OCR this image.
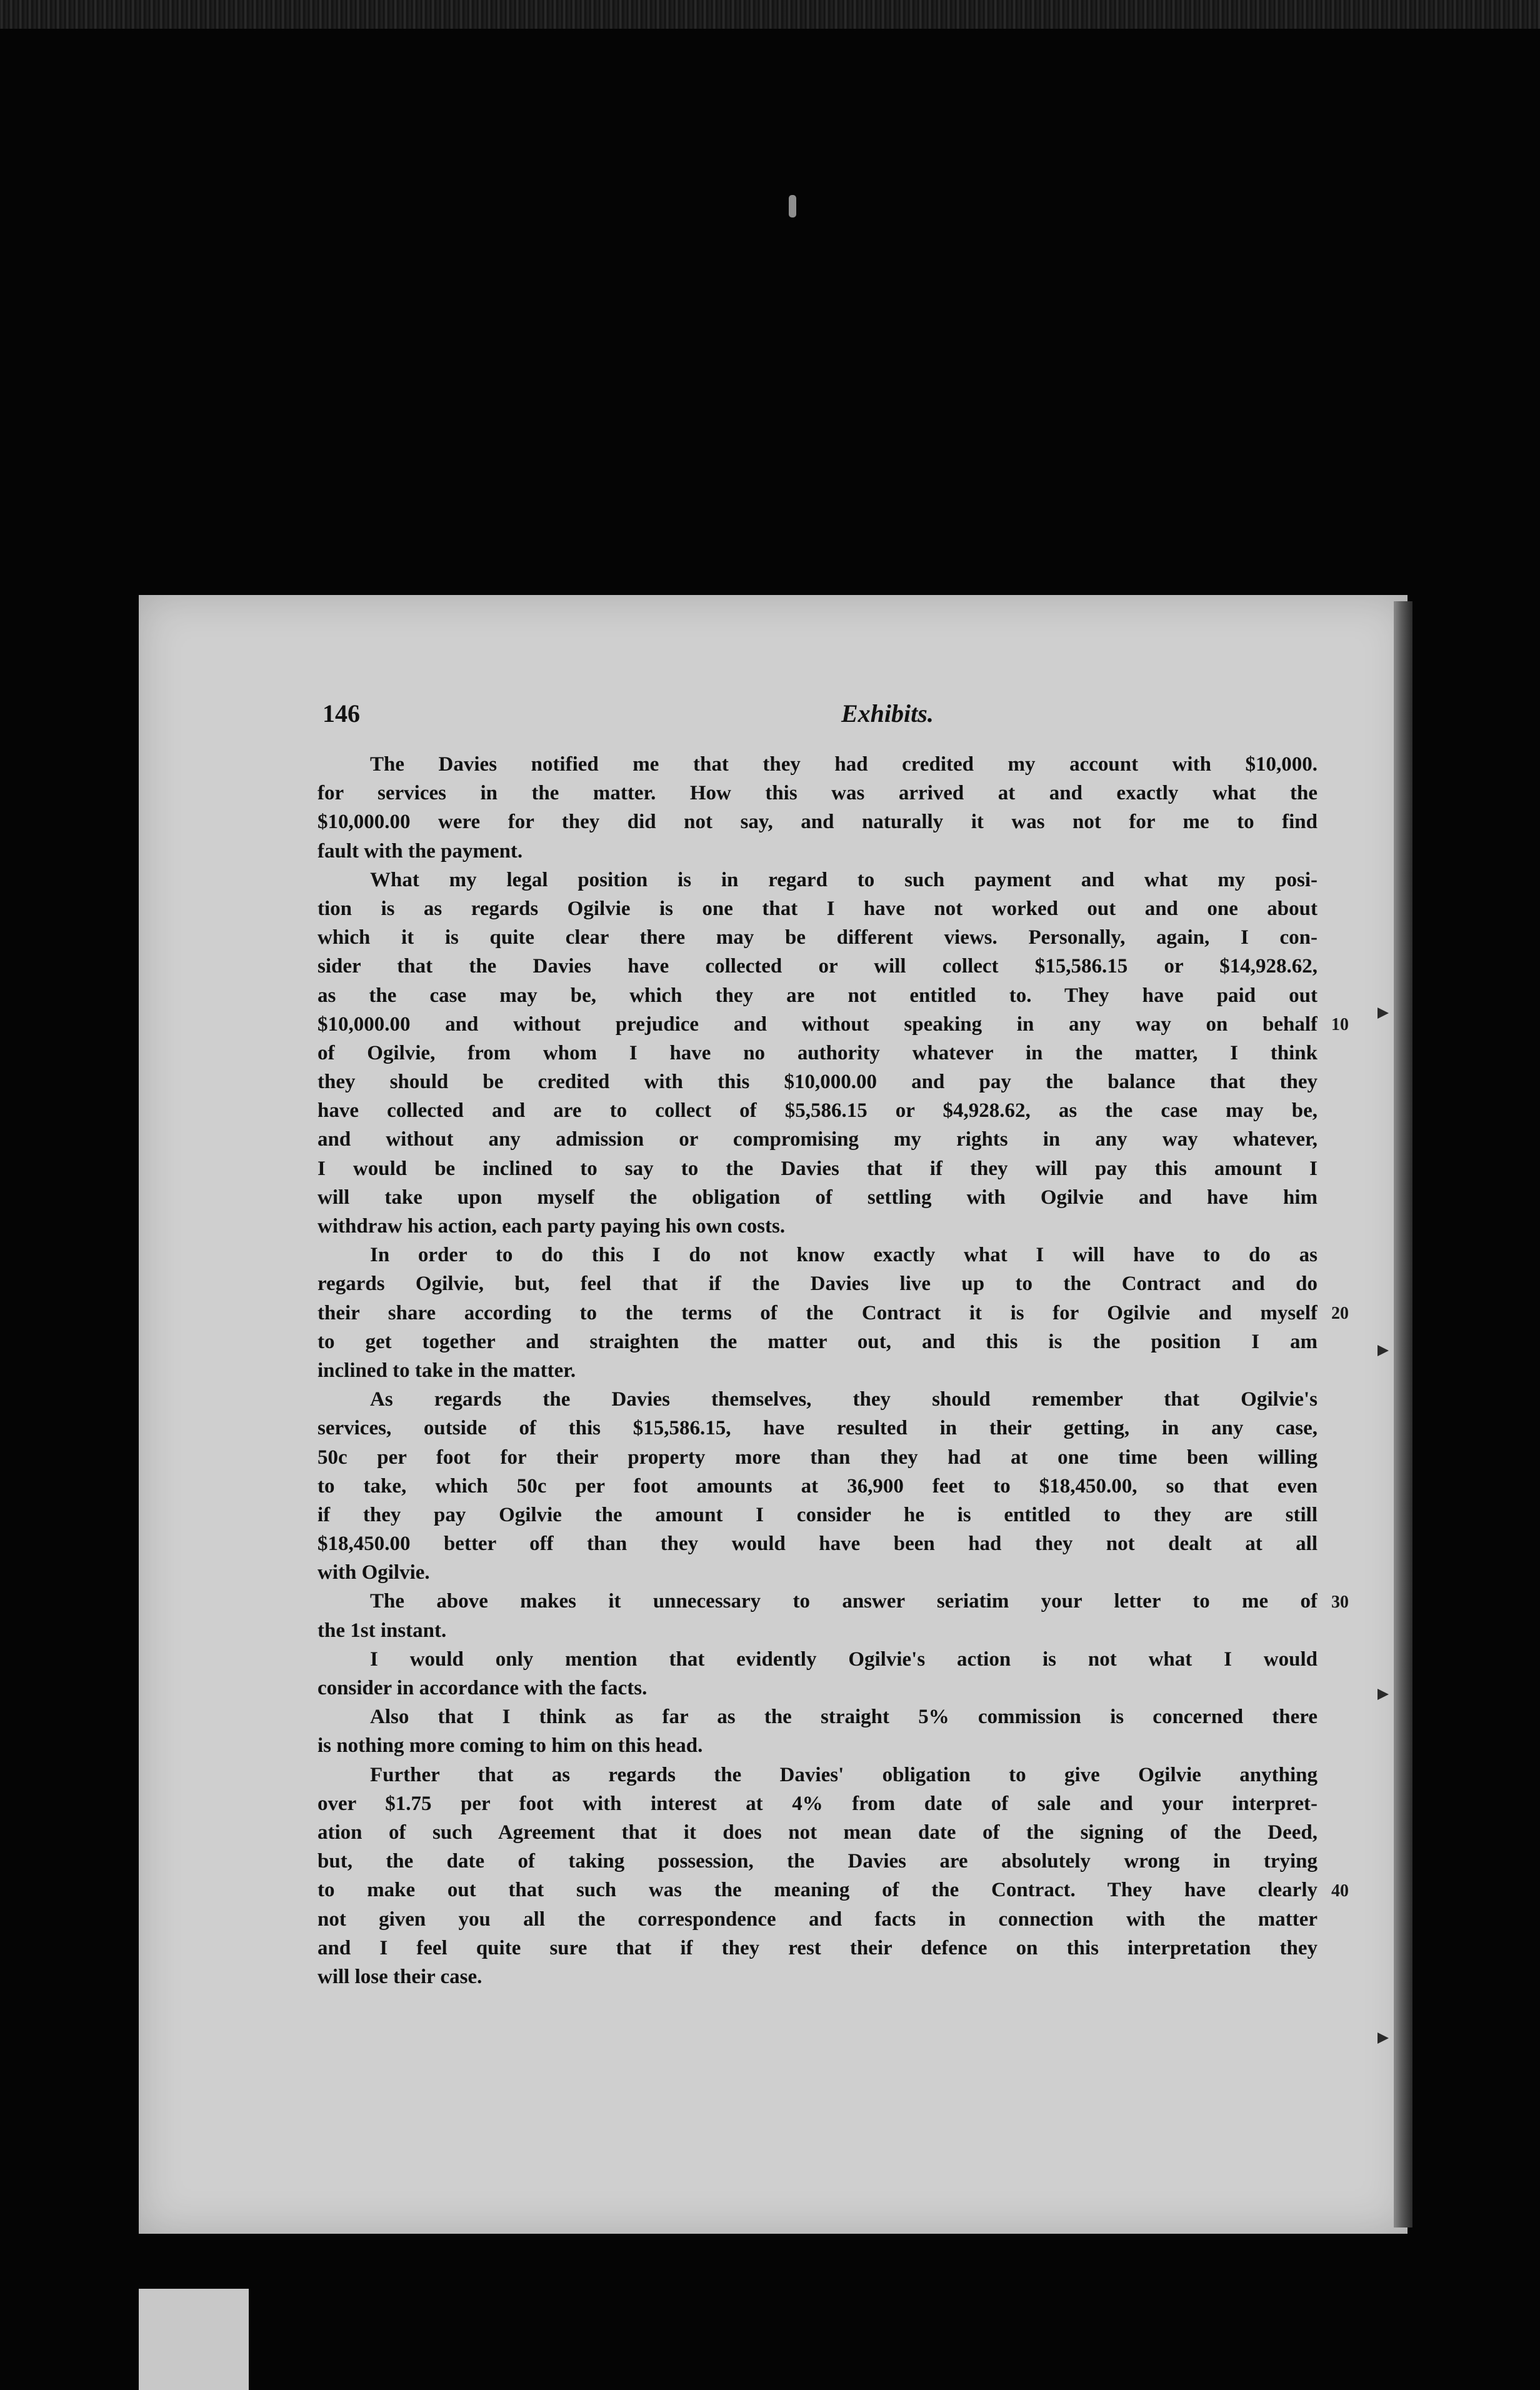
146	Exhibits.
The Davies notified me that they had credited my account with $10,000.
for services in the matter. How this was arrived at and exactly what the
$10,000.00 were for they did not say, and naturally it was not for me to find
fault with the payment.
What my legal position is in regard to such payment and what my posi-
tion is as regards Ogilvie is one that I have not worked out and one about
which it is quite clear there may be different views. Personally, again, I con-
sider that the Davies have collected or will collect $15,586.15 or $14,928.62,
as the case may be, which they are not entitled to. They have paid out
$10,000.00 and without prejudice and without speaking in any way on behalf
of Ogilvie, from whom I have no authority whatever in the matter, I think
they should be credited with this $10,000.00 and pay the balance that they
have collected and are to collect of $5,586.15 or $4,928.62, as the case may be,
and without any admission or compromising my rights in any way whatever,
I would be inclined to say to the Davies that if they will pay this amount I
will take upon myself the obligation of settling with Ogilvie and have him
withdraw his action, each party paying his own costs.
In order to do this I do not know exactly what I will have to do as
regards Ogilvie, but, feel that if the Davies live up to the Contract and do
their share according to the terms of the Contract it is for Ogilvie and myself
to get together and straighten the matter out, and this is the position I am
inclined to take in the matter.
As regards the Davies themselves, they should remember that Ogilvie's
services, outside of this $15,586.15, have resulted in their getting, in any case,
50c per foot for their property more than they had at one time been willing
to take, which 50c per foot amounts at 36,900 feet to $18,450.00, so that even
if they pay Ogilvie the amount I consider he is entitled to they are still
$18,450.00 better off than they would have been had they not dealt at all
with Ogilvie.
The above makes it unnecessary to answer seriatim your letter to me of
the 1st instant.
I would only mention that evidently Ogilvie's action is not what I would
consider in accordance with the facts.
Also that I think as far as the straight 5% commission is concerned there
is nothing more coming to him on this head.
Further that as regards the Davies' obligation to give Ogilvie anything
over $1.75 per foot with interest at 4% from date of sale and your interpret-
ation of such Agreement that it does not mean date of the signing of the Deed,
but, the date of taking possession, the Davies are absolutely wrong in trying
to make out that such was the meaning of the Contract. They have clearly
not given you all the correspondence and facts in connection with the matter
and I feel quite sure that if they rest their defence on this interpretation they
will lose their case.
10
20
30
40
